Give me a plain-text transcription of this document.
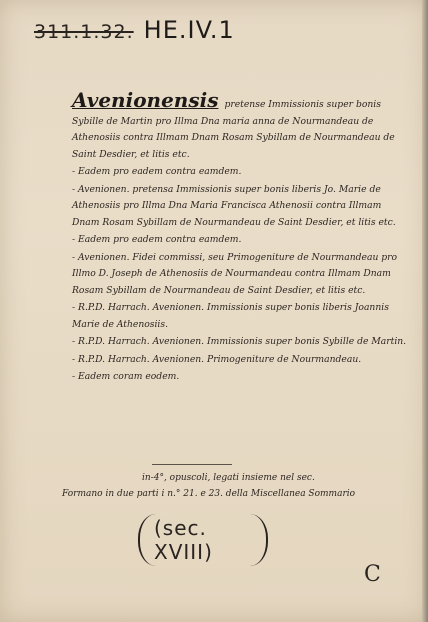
311.1.32. HE.IV.1
Avenionensis pretense Immissionis super bonis Sybille de Martin pro Illma Dna maria anna de Nourmandeau de Athenosiis contra Illmam Dnam Rosam Sybillam de Nourmandeau de Saint Desdier, et litis etc.
- Eadem pro eadem contra eamdem.
- Avenionen. pretensa Immissionis super bonis liberis Jo. Marie de Athenosiis pro Illma Dna Maria Francisca Athenosii contra Illmam Dnam Rosam Sybillam de Nourmandeau de Saint Desdier, et litis etc.
- Eadem pro eadem contra eamdem.
- Avenionen. Fidei commissi, seu Primogeniture de Nourmandeau pro Illmo D. Joseph de Athenosiis de Nourmandeau contra Illmam Dnam Rosam Sybillam de Nourmandeau de Saint Desdier, et litis etc.
- R.P.D. Harrach. Avenionen. Immissionis super bonis liberis Joannis Marie de Athenosiis.
- R.P.D. Harrach. Avenionen. Immissionis super bonis Sybille de Martin.
- R.P.D. Harrach. Avenionen. Primogeniture de Nourmandeau.
- Eadem coram eodem.
in-4°, opuscoli, legati insieme nel sec.
Formano in due parti i n.° 21. e 23. della Miscellanea Sommario
(sec. XVIII)
C
